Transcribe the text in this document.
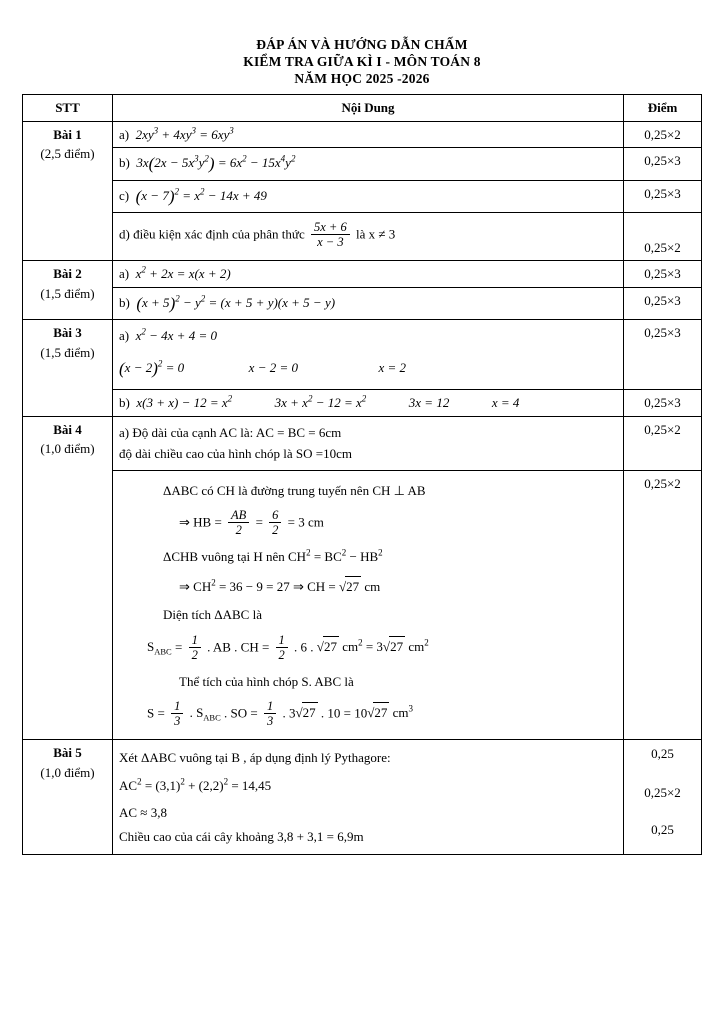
ĐÁP ÁN VÀ HƯỚNG DẪN CHẤM
KIỂM TRA GIỮA KÌ I - MÔN TOÁN 8
NĂM HỌC 2025 -2026
STT	Nội Dung	Điểm

Bài 1
(2,5 điểm)	a)  $2xy^3 + 4xy^3 = 6xy^3$	0,25×2
	b)  $3x(2x - 5x^3y^2) = 6x^2 - 15x^4y^2$	0,25×3
	c) $(x - 7)^2 = x^2 - 14x + 49$	0,25×3
	d) điều kiện xác định của phân thức $\frac{5x + 6}{x - 3}$ là x ≠ 3	0,25×2

Bài 2
(1,5 điểm)	a)  $x^2 + 2x = x(x + 2)$	0,25×3
	b) $(x + 5)^2 - y^2 = (x + 5 + y)(x + 5 - y)$	0,25×3

Bài 3
(1,5 điểm)

a)  $x^2 - 4x + 4 = 0$
$(x - 2)^2 = 0$	x − 2 = 0	x = 2
	0,25×3
	b)  $x(3 + x) - 12 = x^2$ $3x + x^2 - 12 = x^2$ 3x = 12 x = 4	0,25×3

Bài 4
(1,0 điểm)

a) Độ dài của cạnh AC là: AC = BC = 6cm
độ dài chiều cao của hình chóp là SO =10cm
	0,25×2

ΔABC có CH là đường trung tuyến nên CH ⊥ AB
⇒ HB = $\frac{AB}{2} = \frac{6}{2} = 3$ cm
ΔCHB vuông tại H nên $CH^2 = BC^2 - HB^2$
⇒ $CH^2 = 36 - 9 = 27$ ⇒ CH = √27 cm
Diện tích ΔABC là
$S_{ABC} = \frac{1}{2}$ . AB . CH = $\frac{1}{2}$ . 6 . √27 $cm^2 = 3√27$ $cm^2$
Thể tích của hình chóp S. ABC là
$S = \frac{1}{3}$ . $S_{ABC}$ . SO = $\frac{1}{3}$ . 3√27 . 10 = 10√27 $cm^3$
	0,25×2

Bài 5
(1,0 điểm)

Xét ΔABC vuông tại B , áp dụng định lý Pythagore:
$AC^2 = (3,1)^2 + (2,2)^2 = 14,45$
AC ≈ 3,8
Chiều cao của cái cây khoảng 3,8 + 3,1 = 6,9m

0,25
0,25×2
0,25
